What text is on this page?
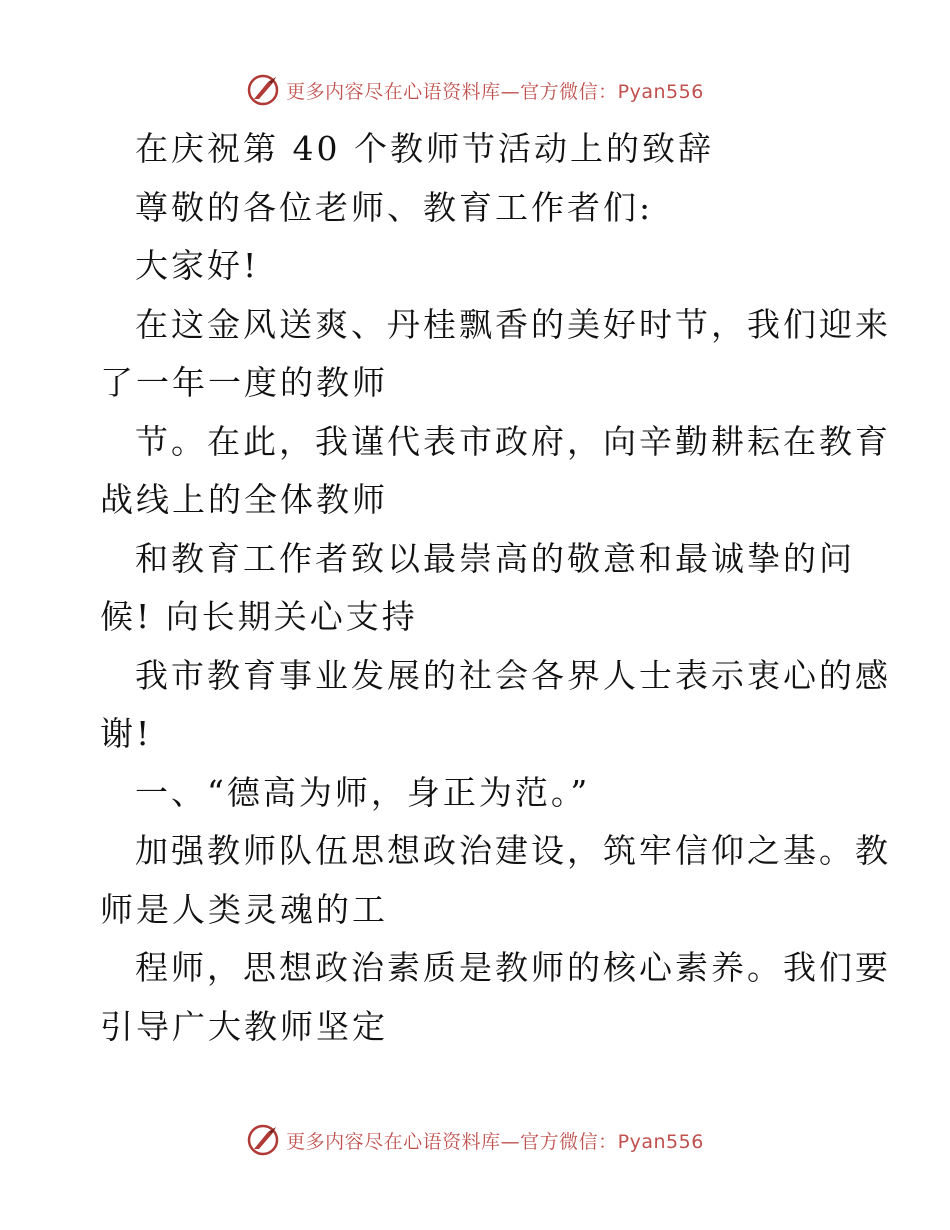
更多内容尽在心语资料库—官方微信：Pyan556
在庆祝第 40 个教师节活动上的致辞
尊敬的各位老师、教育工作者们:
大家好!
在这金风送爽、丹桂飘香的美好时节，我们迎来
了一年一度的教师
节。在此，我谨代表市政府，向辛勤耕耘在教育
战线上的全体教师
和教育工作者致以最崇高的敬意和最诚挚的问
候! 向长期关心支持
我市教育事业发展的社会各界人士表示衷心的感
谢!
一、“德高为师，身正为范。”
加强教师队伍思想政治建设，筑牢信仰之基。教
师是人类灵魂的工
程师，思想政治素质是教师的核心素养。我们要
引导广大教师坚定
更多内容尽在心语资料库—官方微信：Pyan556
